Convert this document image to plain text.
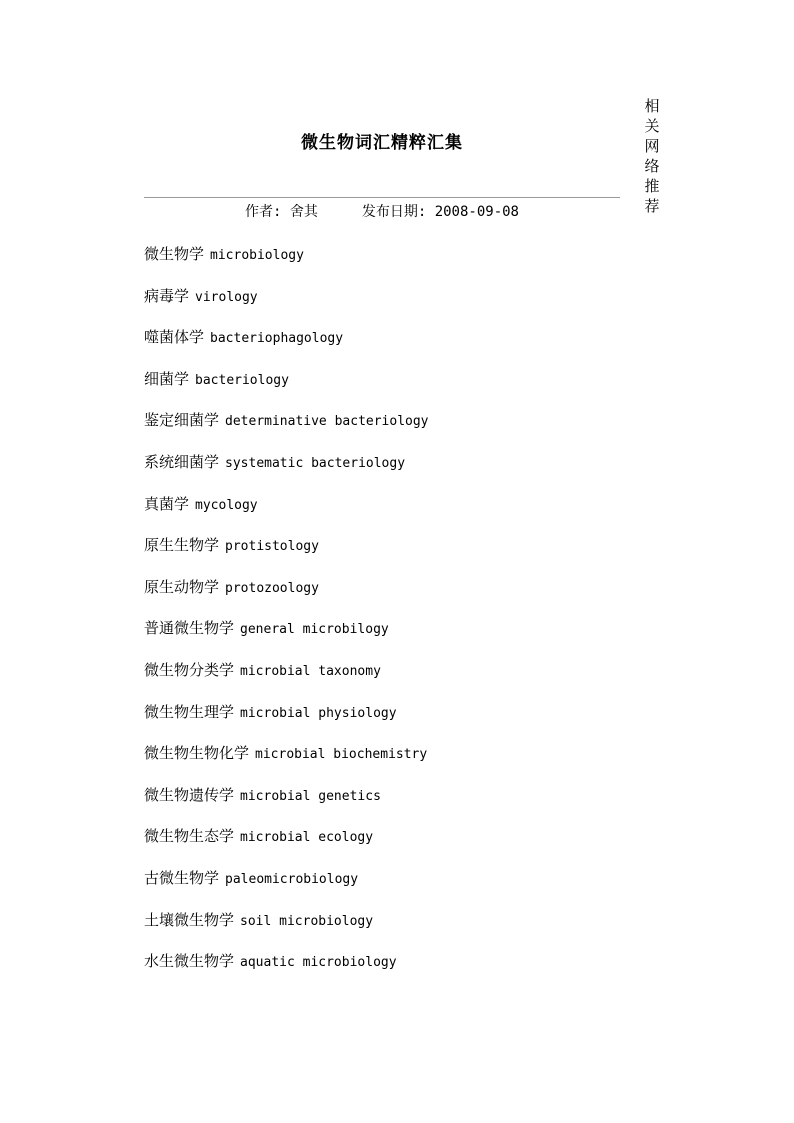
微生物词汇精粹汇集
作者: 舍其	发布日期: 2008-09-08
相
关
网
络
推
荐
微生物学 microbiology
病毒学 virology
噬菌体学 bacteriophagology
细菌学 bacteriology
鉴定细菌学 determinative bacteriology
系统细菌学 systematic bacteriology
真菌学 mycology
原生生物学 protistology
原生动物学 protozoology
普通微生物学 general microbilogy
微生物分类学 microbial taxonomy
微生物生理学 microbial physiology
微生物生物化学 microbial biochemistry
微生物遗传学 microbial genetics
微生物生态学 microbial ecology
古微生物学 paleomicrobiology
土壤微生物学 soil microbiology
水生微生物学 aquatic microbiology
